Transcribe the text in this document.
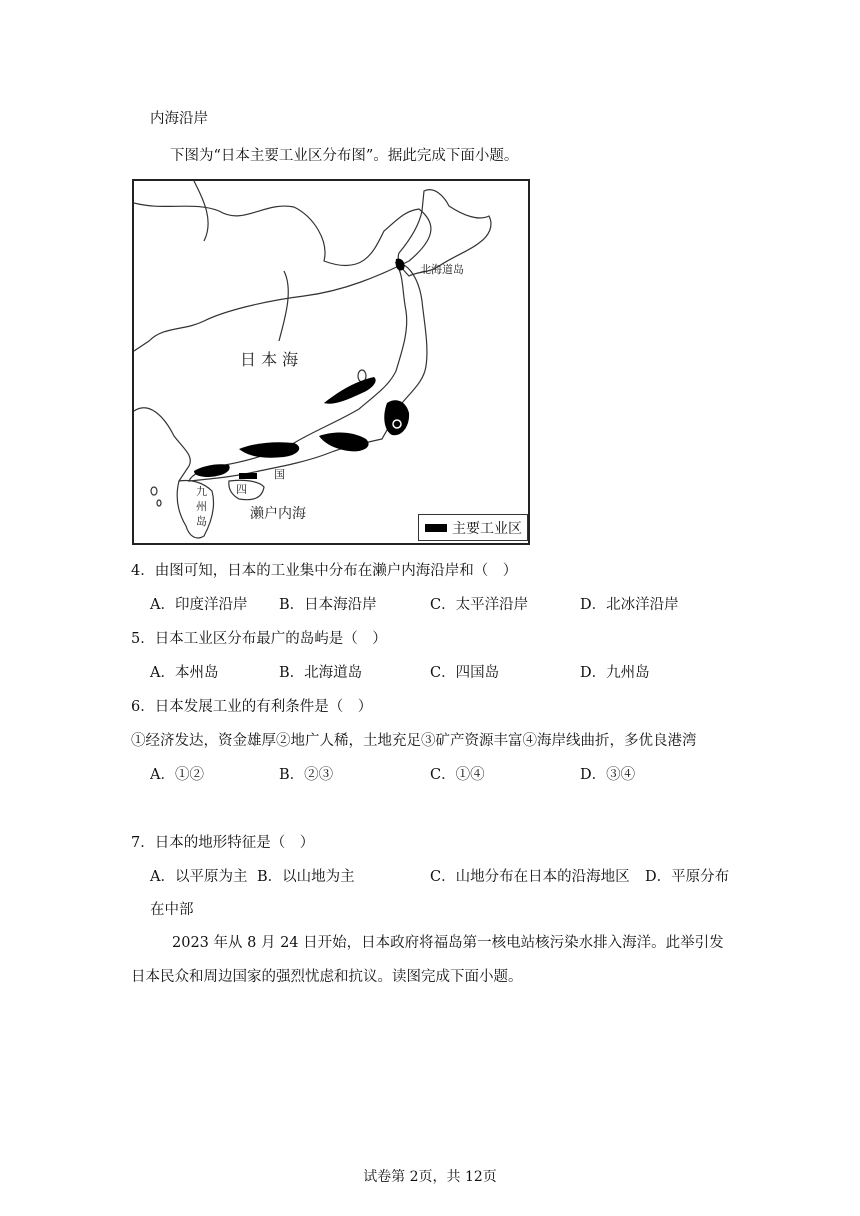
内海沿岸
下图为“日本主要工业区分布图”。据此完成下面小题。
日 本 海
北海道岛
九
州
岛
四
国
濑户内海
主要工业区
4．由图可知，日本的工业集中分布在濑户内海沿岸和（　）
A．印度洋沿岸 B．日本海沿岸	C．太平洋沿岸	D．北冰洋沿岸
5．日本工业区分布最广的岛屿是（　）
A．本州岛	B．北海道岛	C．四国岛	D．九州岛
6．日本发展工业的有利条件是（　）
①经济发达，资金雄厚②地广人稀，土地充足③矿产资源丰富④海岸线曲折，多优良港湾
A．①②	B．②③	C．①④	D．③④
7．日本的地形特征是（　）
A．以平原为主 B．以山地为主	C．山地分布在日本的沿海地区 D．平原分布
在中部
2023 年从 8 月 24 日开始，日本政府将福岛第一核电站核污染水排入海洋。此举引发
日本民众和周边国家的强烈忧虑和抗议。读图完成下面小题。
试卷第 2页，共 12页
